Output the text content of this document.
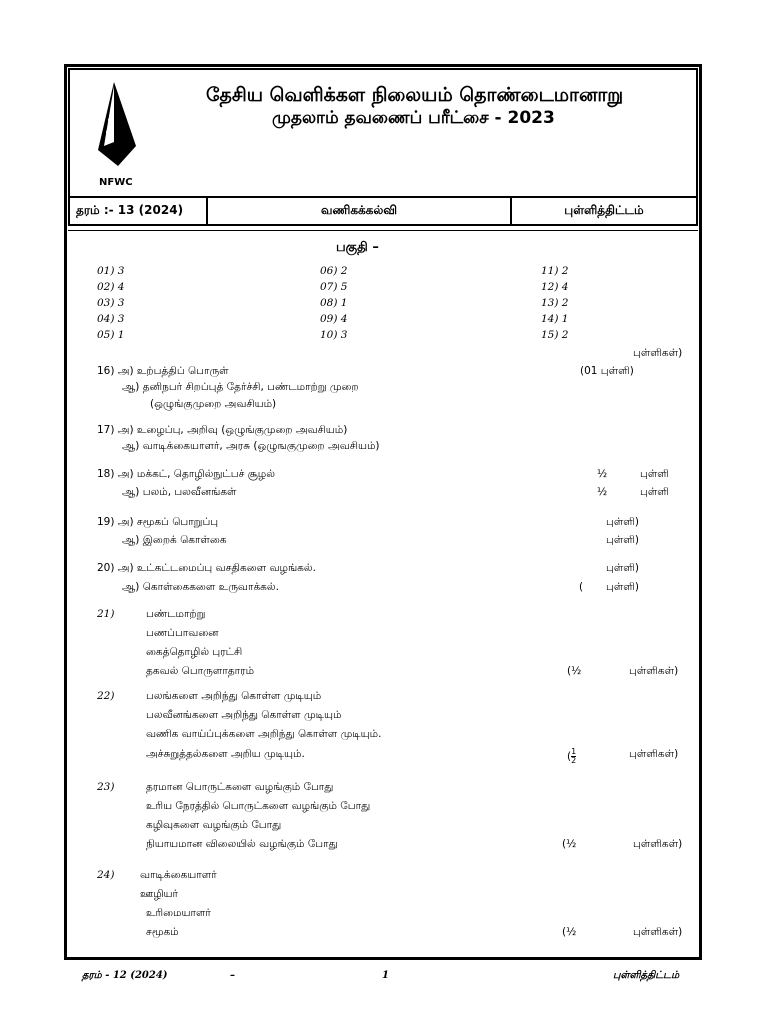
NFWC
தேசிய வெளிக்கள நிலையம் தொண்டைமானாறு
முதலாம் தவணைப் பரீட்சை - 2023
தரம் :- 13 (2024)	வணிகக்கல்வி	புள்ளித்திட்டம்
பகுதி –
01) 3	06) 2	11) 2
02) 4	07) 5	12) 4
03) 3	08) 1	13) 2
04) 3	09) 4	14) 1
05) 1	10) 3	15) 2
புள்ளிகள்)
16) அ) உற்பத்திப் பொருள்	(01 புள்ளி)
ஆ) தனிநபர் சிறப்புத் தேர்ச்சி, பண்டமாற்று முறை
(ஒழுங்குமுறை அவசியம்)
17) அ) உழைப்பு, அறிவு (ஒழுங்குமுறை அவசியம்)
ஆ) வாடிக்கையாளர், அரசு (ஒழுஙகுமுறை அவசியம்)
18) அ) மக்கட், தொழில்நுட்பச் சூழல்	½	புள்ளி
ஆ) பலம், பலவீனங்கள்	½	புள்ளி
19) அ) சமூகப் பொறுப்பு	புள்ளி)
ஆ) இறைக் கொள்கை	புள்ளி)
20) அ) உட்கட்டமைப்பு வசதிகளை வழங்கல்.	புள்ளி)
ஆ) கொள்கைகளை உருவாக்கல்.	( புள்ளி)
21)	பண்டமாற்று
பணப்பாவனை
கைத்தொழில் புரட்சி
தகவல் பொருளாதாரம்	(½	புள்ளிகள்)
22)	பலங்களை அறிந்து கொள்ள முடியும்
பலவீனங்களை அறிந்து கொள்ள முடியும்
வணிக வாய்ப்புக்களை அறிந்து கொள்ள முடியும்.
அச்சுறுத்தல்களை அறிய முடியும்.	( $\frac{1}{2}$	புள்ளிகள்)
23)	தரமான பொருட்களை வழங்கும் போது
உரிய நேரத்தில் பொருட்களை வழங்கும் போது
கழிவுகளை வழங்கும் போது
நியாயமான விலையில் வழங்கும் போது	(½	புள்ளிகள்)
24) வாடிக்கையாளர்
ஊழியர்
உரிமையாளர்
சமூகம்	(½	புள்ளிகள்)
தரம் - 12 (2024)	–	1	புள்ளித்திட்டம்
